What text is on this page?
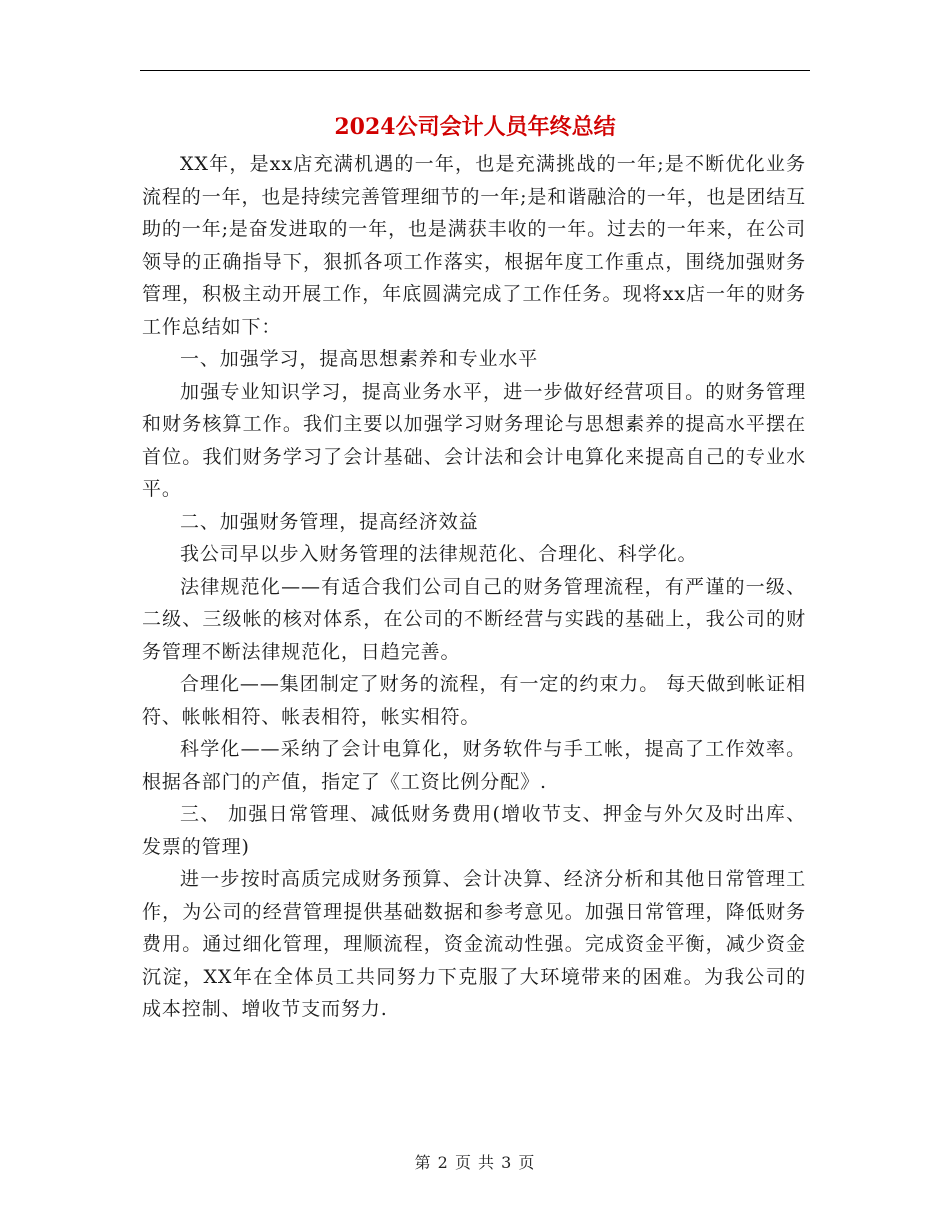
2024公司会计人员年终总结

XX年，是xx店充满机遇的一年，也是充满挑战的一年;是不断优化业务流程的一年，也是持续完善管理细节的一年;是和谐融洽的一年，也是团结互助的一年;是奋发进取的一年，也是满获丰收的一年。过去的一年来，在公司领导的正确指导下，狠抓各项工作落实，根据年度工作重点，围绕加强财务管理，积极主动开展工作，年底圆满完成了工作任务。现将xx店一年的财务工作总结如下：

一、加强学习，提高思想素养和专业水平

加强专业知识学习，提高业务水平，进一步做好经营项目。的财务管理和财务核算工作。我们主要以加强学习财务理论与思想素养的提高水平摆在首位。我们财务学习了会计基础、会计法和会计电算化来提高自己的专业水平。

二、加强财务管理，提高经济效益

我公司早以步入财务管理的法律规范化、合理化、科学化。

法律规范化——有适合我们公司自己的财务管理流程，有严谨的一级、二级、三级帐的核对体系，在公司的不断经营与实践的基础上，我公司的财务管理不断法律规范化，日趋完善。

合理化——集团制定了财务的流程，有一定的约束力。 每天做到帐证相符、帐帐相符、帐表相符，帐实相符。

科学化——采纳了会计电算化，财务软件与手工帐，提高了工作效率。根据各部门的产值，指定了《工资比例分配》.

三、 加强日常管理、减低财务费用(增收节支、押金与外欠及时出库、发票的管理)

进一步按时高质完成财务预算、会计决算、经济分析和其他日常管理工作，为公司的经营管理提供基础数据和参考意见。加强日常管理，降低财务费用。通过细化管理，理顺流程，资金流动性强。完成资金平衡，减少资金沉淀，XX年在全体员工共同努力下克服了大环境带来的困难。为我公司的成本控制、增收节支而努力.

第 2 页 共 3 页
